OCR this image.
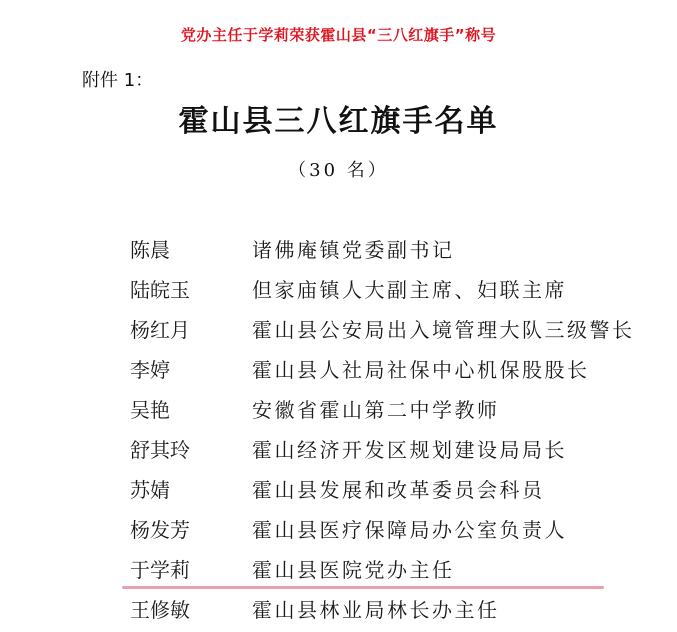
党办主任于学莉荣获霍山县“三八红旗手”称号
附件 1：
霍山县三八红旗手名单
（30 名）
陈晨	诸佛庵镇党委副书记
陆皖玉	但家庙镇人大副主席、妇联主席
杨红月	霍山县公安局出入境管理大队三级警长
李婷	霍山县人社局社保中心机保股股长
吴艳	安徽省霍山第二中学教师
舒其玲	霍山经济开发区规划建设局局长
苏婧	霍山县发展和改革委员会科员
杨发芳	霍山县医疗保障局办公室负责人
于学莉	霍山县医院党办主任
王修敏	霍山县林业局林长办主任
